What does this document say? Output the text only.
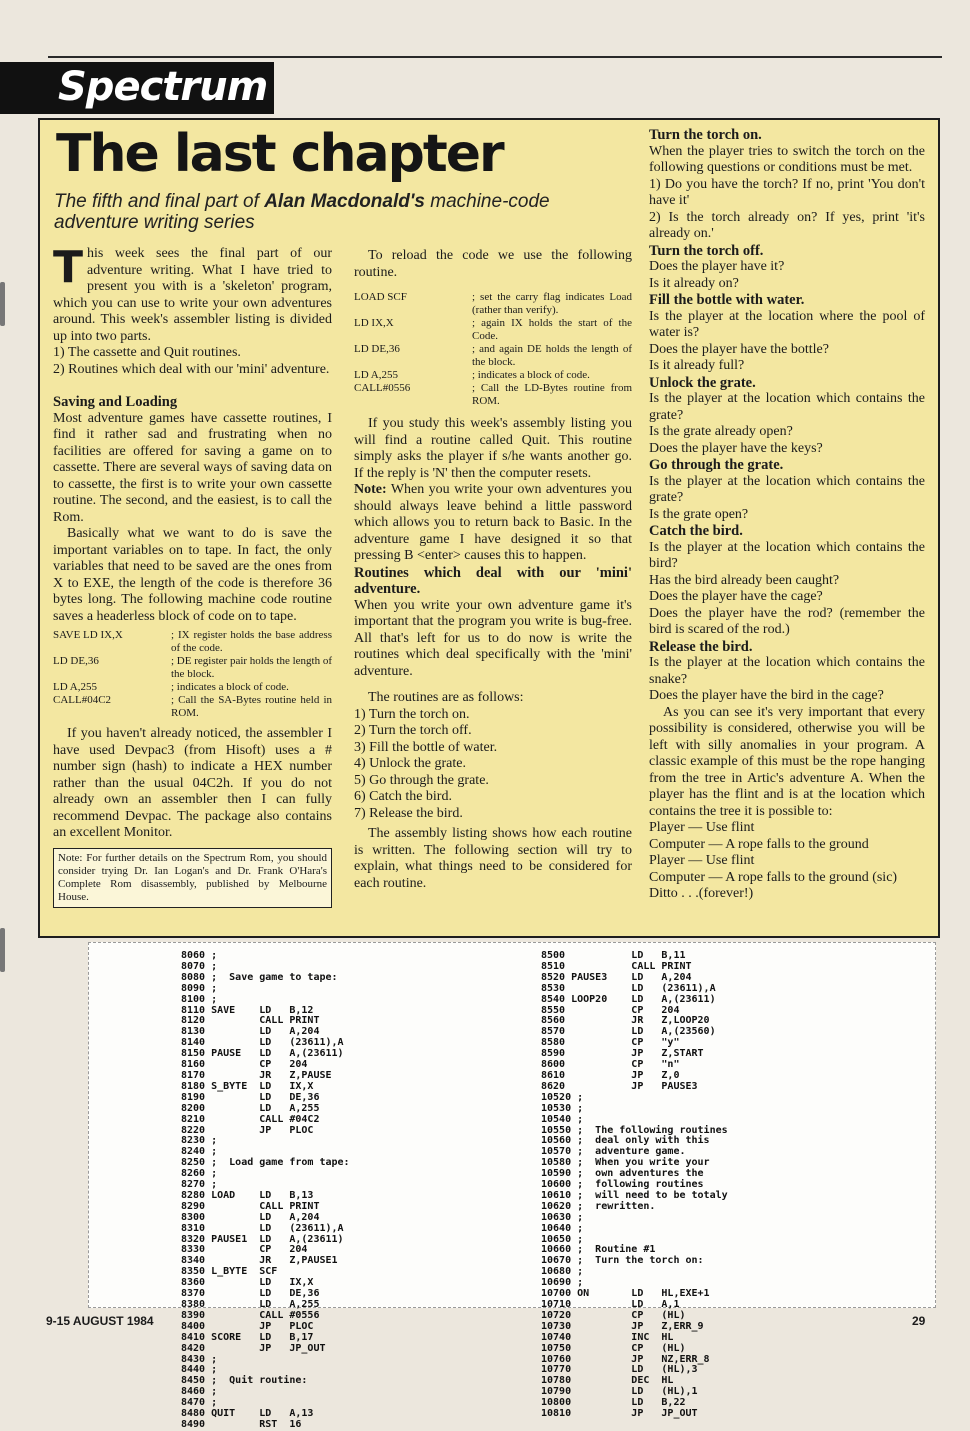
Spectrum
The last chapter
The fifth and final part of Alan Macdonald's machine-code adventure writing series

This week sees the final part of our adventure writing. What I have tried to present you with is a 'skeleton' program, which you can use to write your own adventures around. This week's assembler listing is divided up into two parts.

1) The cassette and Quit routines.

2) Routines which deal with our 'mini' adventure.

Saving and Loading

Most adventure games have cassette routines, I find it rather sad and frustrating when no facilities are offered for saving a game on to cassette. There are several ways of saving data on to cassette, the first is to write your own cassette routine. The second, and the easiest, is to call the Rom.

Basically what we want to do is save the important variables on to tape. In fact, the only variables that need to be saved are the ones from X to EXE, the length of the code is therefore 36 bytes long. The following machine code routine saves a headerless block of code on to tape.

SAVE LD IX,X	; IX register holds the base address of the code.
LD DE,36	; DE register pair holds the length of the block.
LD A,255	; indicates a block of code.
CALL#04C2	; Call the SA-Bytes routine held in ROM.

If you haven't already noticed, the assembler I have used Devpac3 (from Hisoft) uses a # number sign (hash) to indicate a HEX number rather than the usual 04C2h. If you do not already own an assembler then I can fully recommend Devpac. The package also contains an excellent Monitor.

Note: For further details on the Spectrum Rom, you should consider trying Dr. Ian Logan's and Dr. Frank O'Hara's Complete Rom disassembly, published by Melbourne House.

To reload the code we use the following routine.

LOAD SCF	; set the carry flag indicates Load (rather than verify).
LD IX,X	; again IX holds the start of the Code.
LD DE,36	; and again DE holds the length of the block.
LD A,255	; indicates a block of code.
CALL#0556	; Call the LD-Bytes routine from ROM.

If you study this week's assembly listing you will find a routine called Quit. This routine simply asks the player if s/he wants another go. If the reply is 'N' then the computer resets.

Note: When you write your own adventures you should always leave behind a little password which allows you to return back to Basic. In the adventure game I have designed it so that pressing B <enter> causes this to happen.

Routines which deal with our 'mini' adventure.

When you write your own adventure game it's important that the program you write is bug-free. All that's left for us to do now is write the routines which deal specifically with the 'mini' adventure.

The routines are as follows:

1) Turn the torch on.

2) Turn the torch off.

3) Fill the bottle of water.

4) Unlock the grate.

5) Go through the grate.

6) Catch the bird.

7) Release the bird.

The assembly listing shows how each routine is written. The following section will try to explain, what things need to be considered for each routine.

Turn the torch on.

When the player tries to switch the torch on the following questions or conditions must be met.

1) Do you have the torch? If no, print 'You don't have it'

2) Is the torch already on? If yes, print 'it's already on.'

Turn the torch off.

Does the player have it?

Is it already on?

Fill the bottle with water.

Is the player at the location where the pool of water is?

Does the player have the bottle?

Is it already full?

Unlock the grate.

Is the player at the location which contains the grate?

Is the grate already open?

Does the player have the keys?

Go through the grate.

Is the player at the location which contains the grate?

Is the grate open?

Catch the bird.

Is the player at the location which contains the bird?

Has the bird already been caught?

Does the player have the cage?

Does the player have the rod? (remember the bird is scared of the rod.)

Release the bird.

Is the player at the location which contains the snake?

Does the player have the bird in the cage?

As you can see it's very important that every possibility is considered, otherwise you will be left with silly anomalies in your program. A classic example of this must be the rope hanging from the tree in Artic's adventure A. When the player has the flint and is at the location which contains the tree it is possible to:

Player — Use flint

Computer — A rope falls to the ground

Player — Use flint

Computer — A rope falls to the ground (sic)

Ditto . . .(forever!)

8060 ;
8070 ;
8080 ;  Save game to tape:
8090 ;
8100 ;
8110 SAVE    LD   B,12
8120         CALL PRINT
8130         LD   A,204
8140         LD   (23611),A
8150 PAUSE   LD   A,(23611)
8160         CP   204
8170         JR   Z,PAUSE
8180 S_BYTE  LD   IX,X
8190         LD   DE,36
8200         LD   A,255
8210         CALL #04C2
8220         JP   PLOC
8230 ;
8240 ;
8250 ;  Load game from tape:
8260 ;
8270 ;
8280 LOAD    LD   B,13
8290         CALL PRINT
8300         LD   A,204
8310         LD   (23611),A
8320 PAUSE1  LD   A,(23611)
8330         CP   204
8340         JR   Z,PAUSE1
8350 L_BYTE  SCF
8360         LD   IX,X
8370         LD   DE,36
8380         LD   A,255
8390         CALL #0556
8400         JP   PLOC
8410 SCORE   LD   B,17
8420         JP   JP_OUT
8430 ;
8440 ;
8450 ;  Quit routine:
8460 ;
8470 ;
8480 QUIT    LD   A,13
8490         RST  16
8500           LD   B,11
8510           CALL PRINT
8520 PAUSE3    LD   A,204
8530           LD   (23611),A
8540 LOOP20    LD   A,(23611)
8550           CP   204
8560           JR   Z,LOOP20
8570           LD   A,(23560)
8580           CP   "y"
8590           JP   Z,START
8600           CP   "n"
8610           JP   Z,0
8620           JP   PAUSE3
10520 ;
10530 ;
10540 ;
10550 ;  The following routines
10560 ;  deal only with this
10570 ;  adventure game.
10580 ;  When you write your
10590 ;  own adventures the
10600 ;  following routines
10610 ;  will need to be totaly
10620 ;  rewritten.
10630 ;
10640 ;
10650 ;
10660 ;  Routine #1
10670 ;  Turn the torch on:
10680 ;
10690 ;
10700 ON       LD   HL,EXE+1
10710          LD   A,1
10720          CP   (HL)
10730          JP   Z,ERR_9
10740          INC  HL
10750          CP   (HL)
10760          JP   NZ,ERR_8
10770          LD   (HL),3
10780          DEC  HL
10790          LD   (HL),1
10800          LD   B,22
10810          JP   JP_OUT
9-15 AUGUST 1984	29
